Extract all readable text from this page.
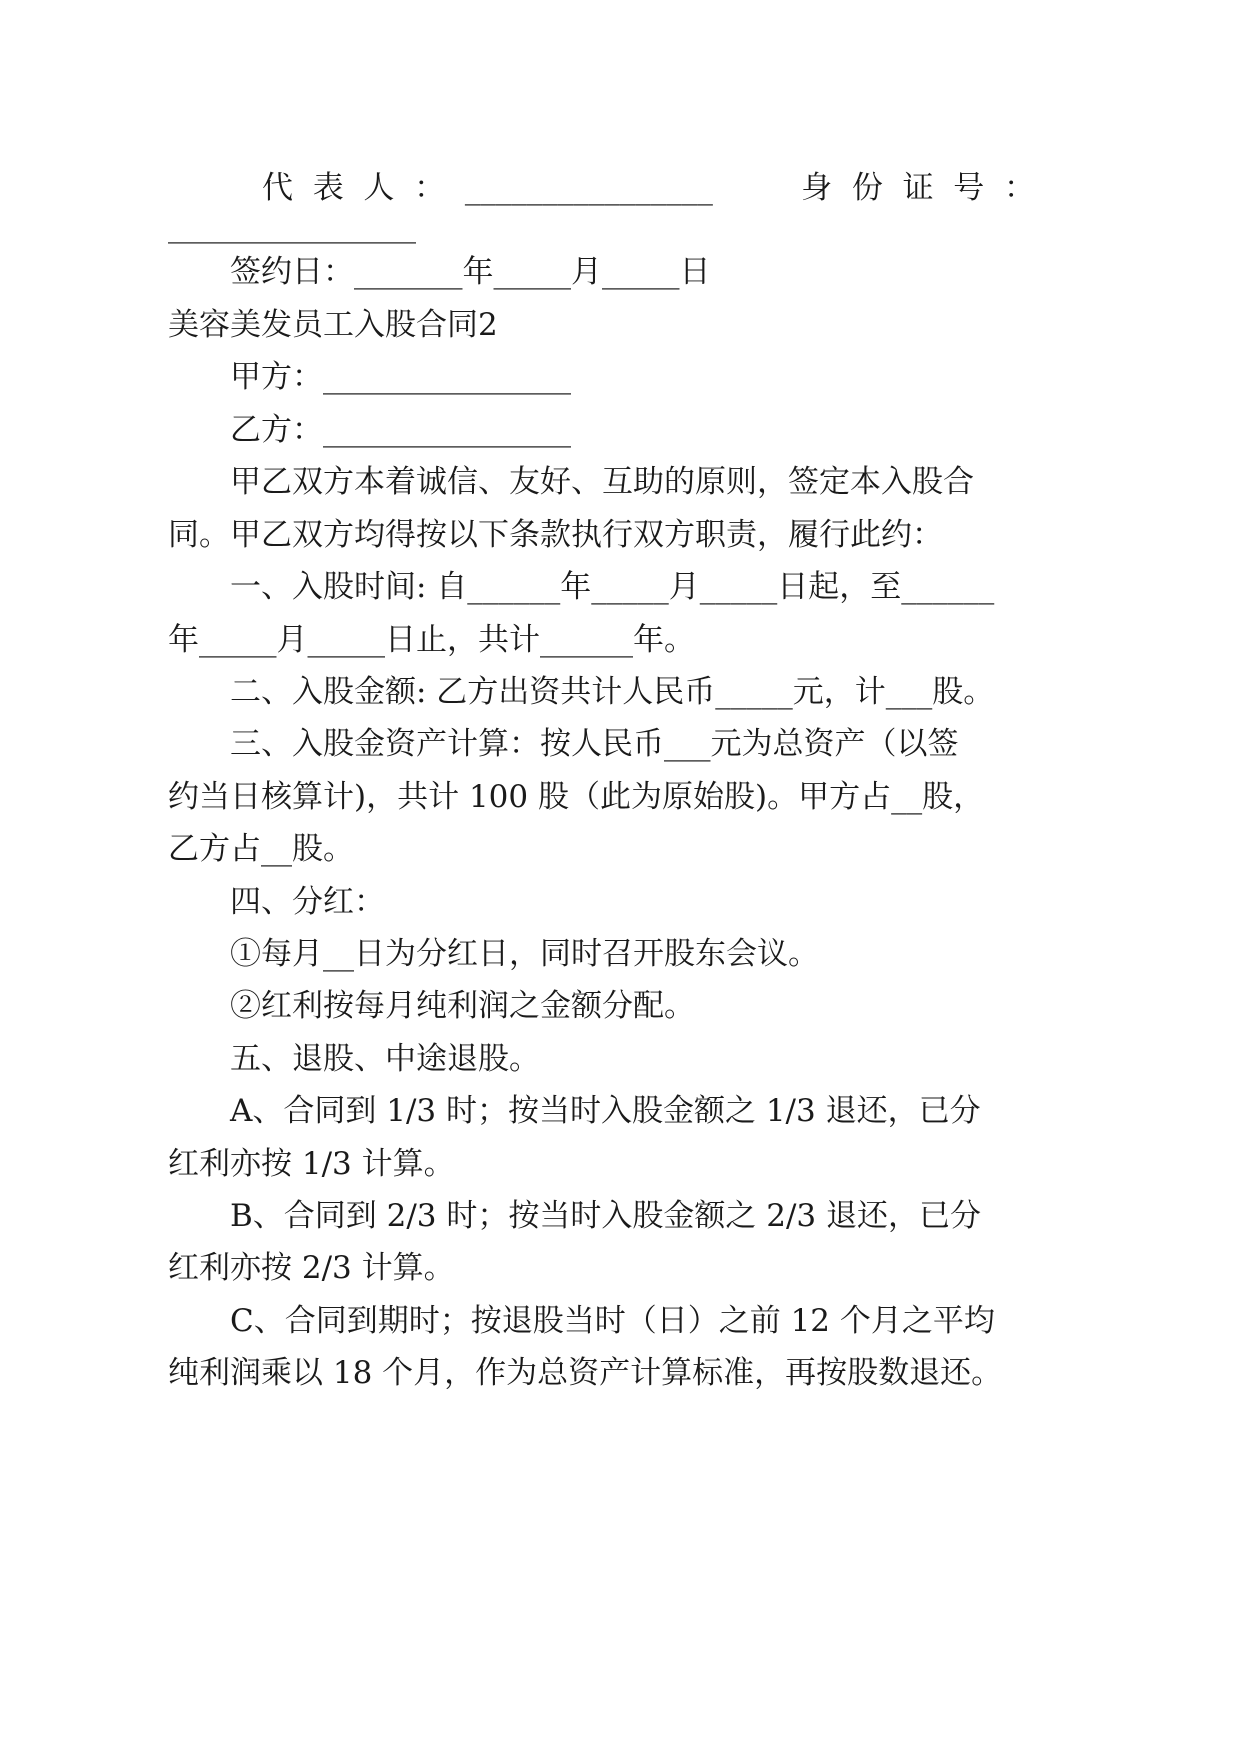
代  表  人  ：  ________________	身  份  证  号  ：
________________
签约日：_______年_____月_____日
美容美发员工入股合同2
甲方：________________
乙方：________________
甲乙双方本着诚信、友好、互助的原则，签定本入股合
同。甲乙双方均得按以下条款执行双方职责，履行此约：
一、入股时间: 自______年_____月_____日起，至______
年_____月_____日止，共计______年。
二、入股金额: 乙方出资共计人民币_____元，计___股。
三、入股金资产计算：按人民币___元为总资产（以签
约当日核算计)，共计 100 股（此为原始股)。甲方占__股，
乙方占__股。
四、分红：
①每月__日为分红日，同时召开股东会议。
②红利按每月纯利润之金额分配。
五、退股、中途退股。
A、合同到 1/3 时；按当时入股金额之 1/3 退还，已分
红利亦按 1/3 计算。
B、合同到 2/3 时；按当时入股金额之 2/3 退还，已分
红利亦按 2/3 计算。
C、合同到期时；按退股当时（日）之前 12 个月之平均
纯利润乘以 18 个月，作为总资产计算标准，再按股数退还。
